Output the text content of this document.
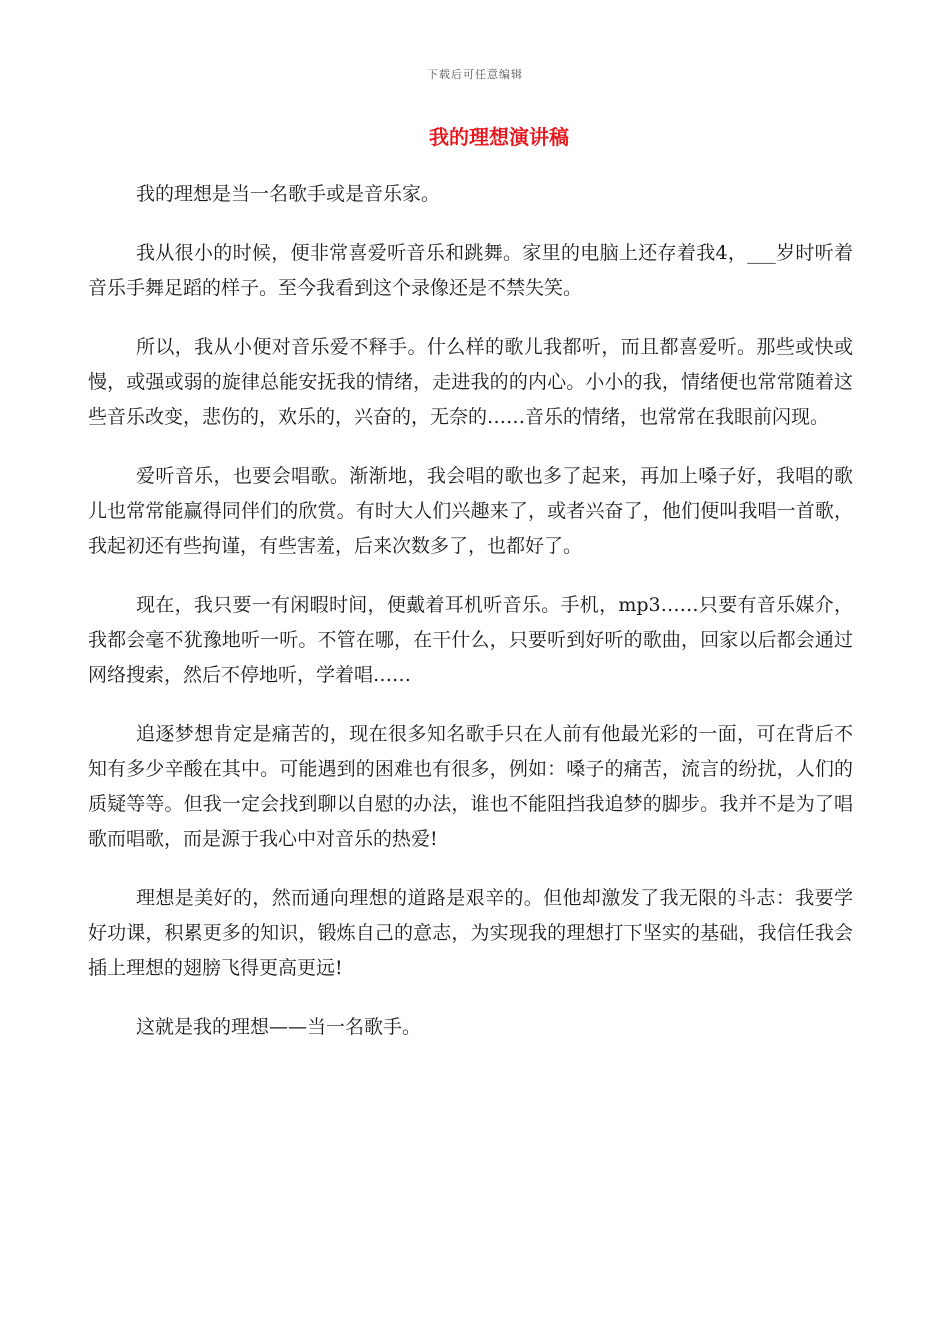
下载后可任意编辑
我的理想演讲稿

我的理想是当一名歌手或是音乐家。

我从很小的时候，便非常喜爱听音乐和跳舞。家里的电脑上还存着我4，___岁时听着音乐手舞足蹈的样子。至今我看到这个录像还是不禁失笑。

所以，我从小便对音乐爱不释手。什么样的歌儿我都听，而且都喜爱听。那些或快或慢，或强或弱的旋律总能安抚我的情绪，走进我的的内心。小小的我，情绪便也常常随着这些音乐改变，悲伤的，欢乐的，兴奋的，无奈的……音乐的情绪，也常常在我眼前闪现。

爱听音乐，也要会唱歌。渐渐地，我会唱的歌也多了起来，再加上嗓子好，我唱的歌儿也常常能赢得同伴们的欣赏。有时大人们兴趣来了，或者兴奋了，他们便叫我唱一首歌，我起初还有些拘谨，有些害羞，后来次数多了，也都好了。

现在，我只要一有闲暇时间，便戴着耳机听音乐。手机，mp3……只要有音乐媒介，我都会毫不犹豫地听一听。不管在哪，在干什么，只要听到好听的歌曲，回家以后都会通过网络搜索，然后不停地听，学着唱……

追逐梦想肯定是痛苦的，现在很多知名歌手只在人前有他最光彩的一面，可在背后不知有多少辛酸在其中。可能遇到的困难也有很多，例如：嗓子的痛苦，流言的纷扰，人们的质疑等等。但我一定会找到聊以自慰的办法，谁也不能阻挡我追梦的脚步。我并不是为了唱歌而唱歌，而是源于我心中对音乐的热爱!

理想是美好的，然而通向理想的道路是艰辛的。但他却激发了我无限的斗志：我要学好功课，积累更多的知识，锻炼自己的意志，为实现我的理想打下坚实的基础，我信任我会插上理想的翅膀飞得更高更远!

这就是我的理想——当一名歌手。
